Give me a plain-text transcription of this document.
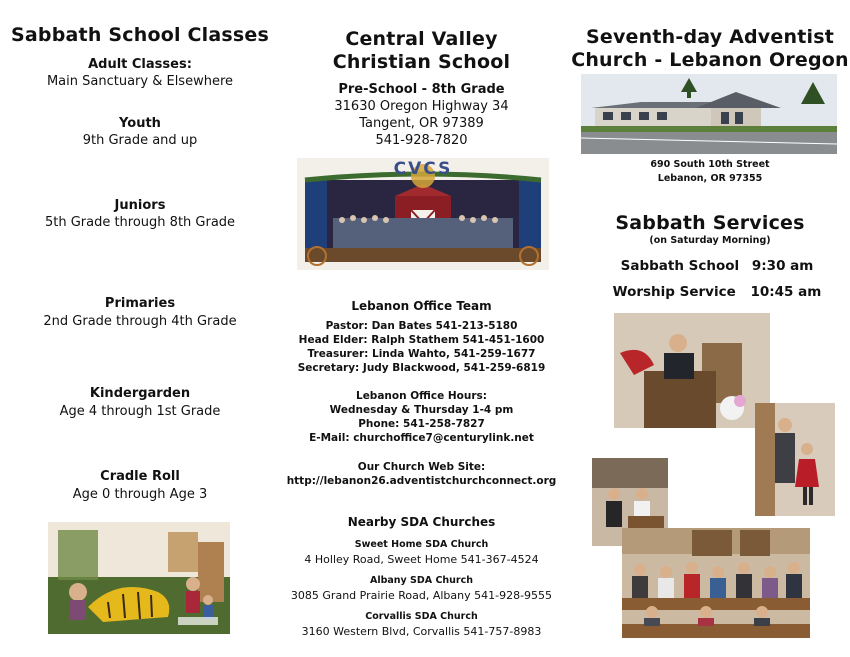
Sabbath School Classes
Adult Classes:
Main Sanctuary & Elsewhere
Youth
9th Grade and up
Juniors
5th Grade through 8th Grade
Primaries
2nd Grade through 4th Grade
Kindergarden
Age 4 through 1st Grade
Cradle Roll
Age 0 through Age 3
Central Valley
Christian School
Pre-School - 8th Grade
31630 Oregon Highway 34
Tangent, OR 97389
541-928-7820
CVCS
Lebanon Office Team
Pastor: Dan Bates 541-213-5180
Head Elder: Ralph Stathem 541-451-1600
Treasurer: Linda Wahto, 541-259-1677
Secretary: Judy Blackwood, 541-259-6819
Lebanon Office Hours:
Wednesday & Thursday 1-4 pm
Phone: 541-258-7827
E-Mail: churchoffice7@centurylink.net
Our Church Web Site:
http://lebanon26.adventistchurchconnect.org
Nearby SDA Churches
Sweet Home SDA Church
4 Holley Road, Sweet Home 541-367-4524
Albany SDA Church
3085 Grand Prairie Road, Albany 541-928-9555
Corvallis SDA Church
3160 Western Blvd, Corvallis 541-757-8983
Seventh-day Adventist
Church - Lebanon Oregon
690 South 10th Street
Lebanon, OR 97355
Sabbath Services
(on Saturday Morning)
Sabbath School 9:30 am
Worship Service 10:45 am
